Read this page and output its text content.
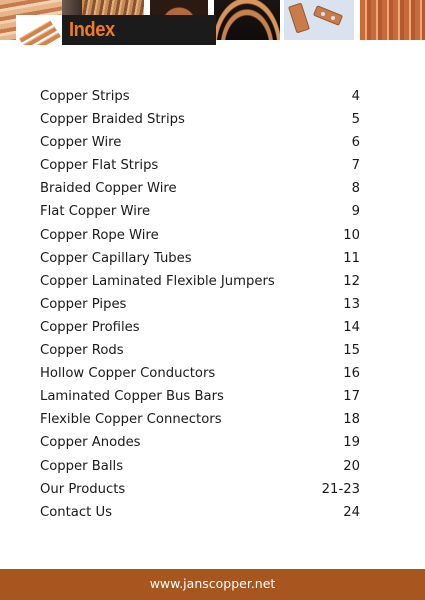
Index
Copper Strips	4
Copper Braided Strips	5
Copper Wire	6
Copper Flat Strips	7
Braided Copper Wire	8
Flat Copper Wire	9
Copper Rope Wire	10
Copper Capillary Tubes	11
Copper Laminated Flexible Jumpers	12
Copper Pipes	13
Copper Profiles	14
Copper Rods	15
Hollow Copper Conductors	16
Laminated Copper Bus Bars	17
Flexible Copper Connectors	18
Copper Anodes	19
Copper Balls	20
Our Products	21-23
Contact Us	24
www.janscopper.net
